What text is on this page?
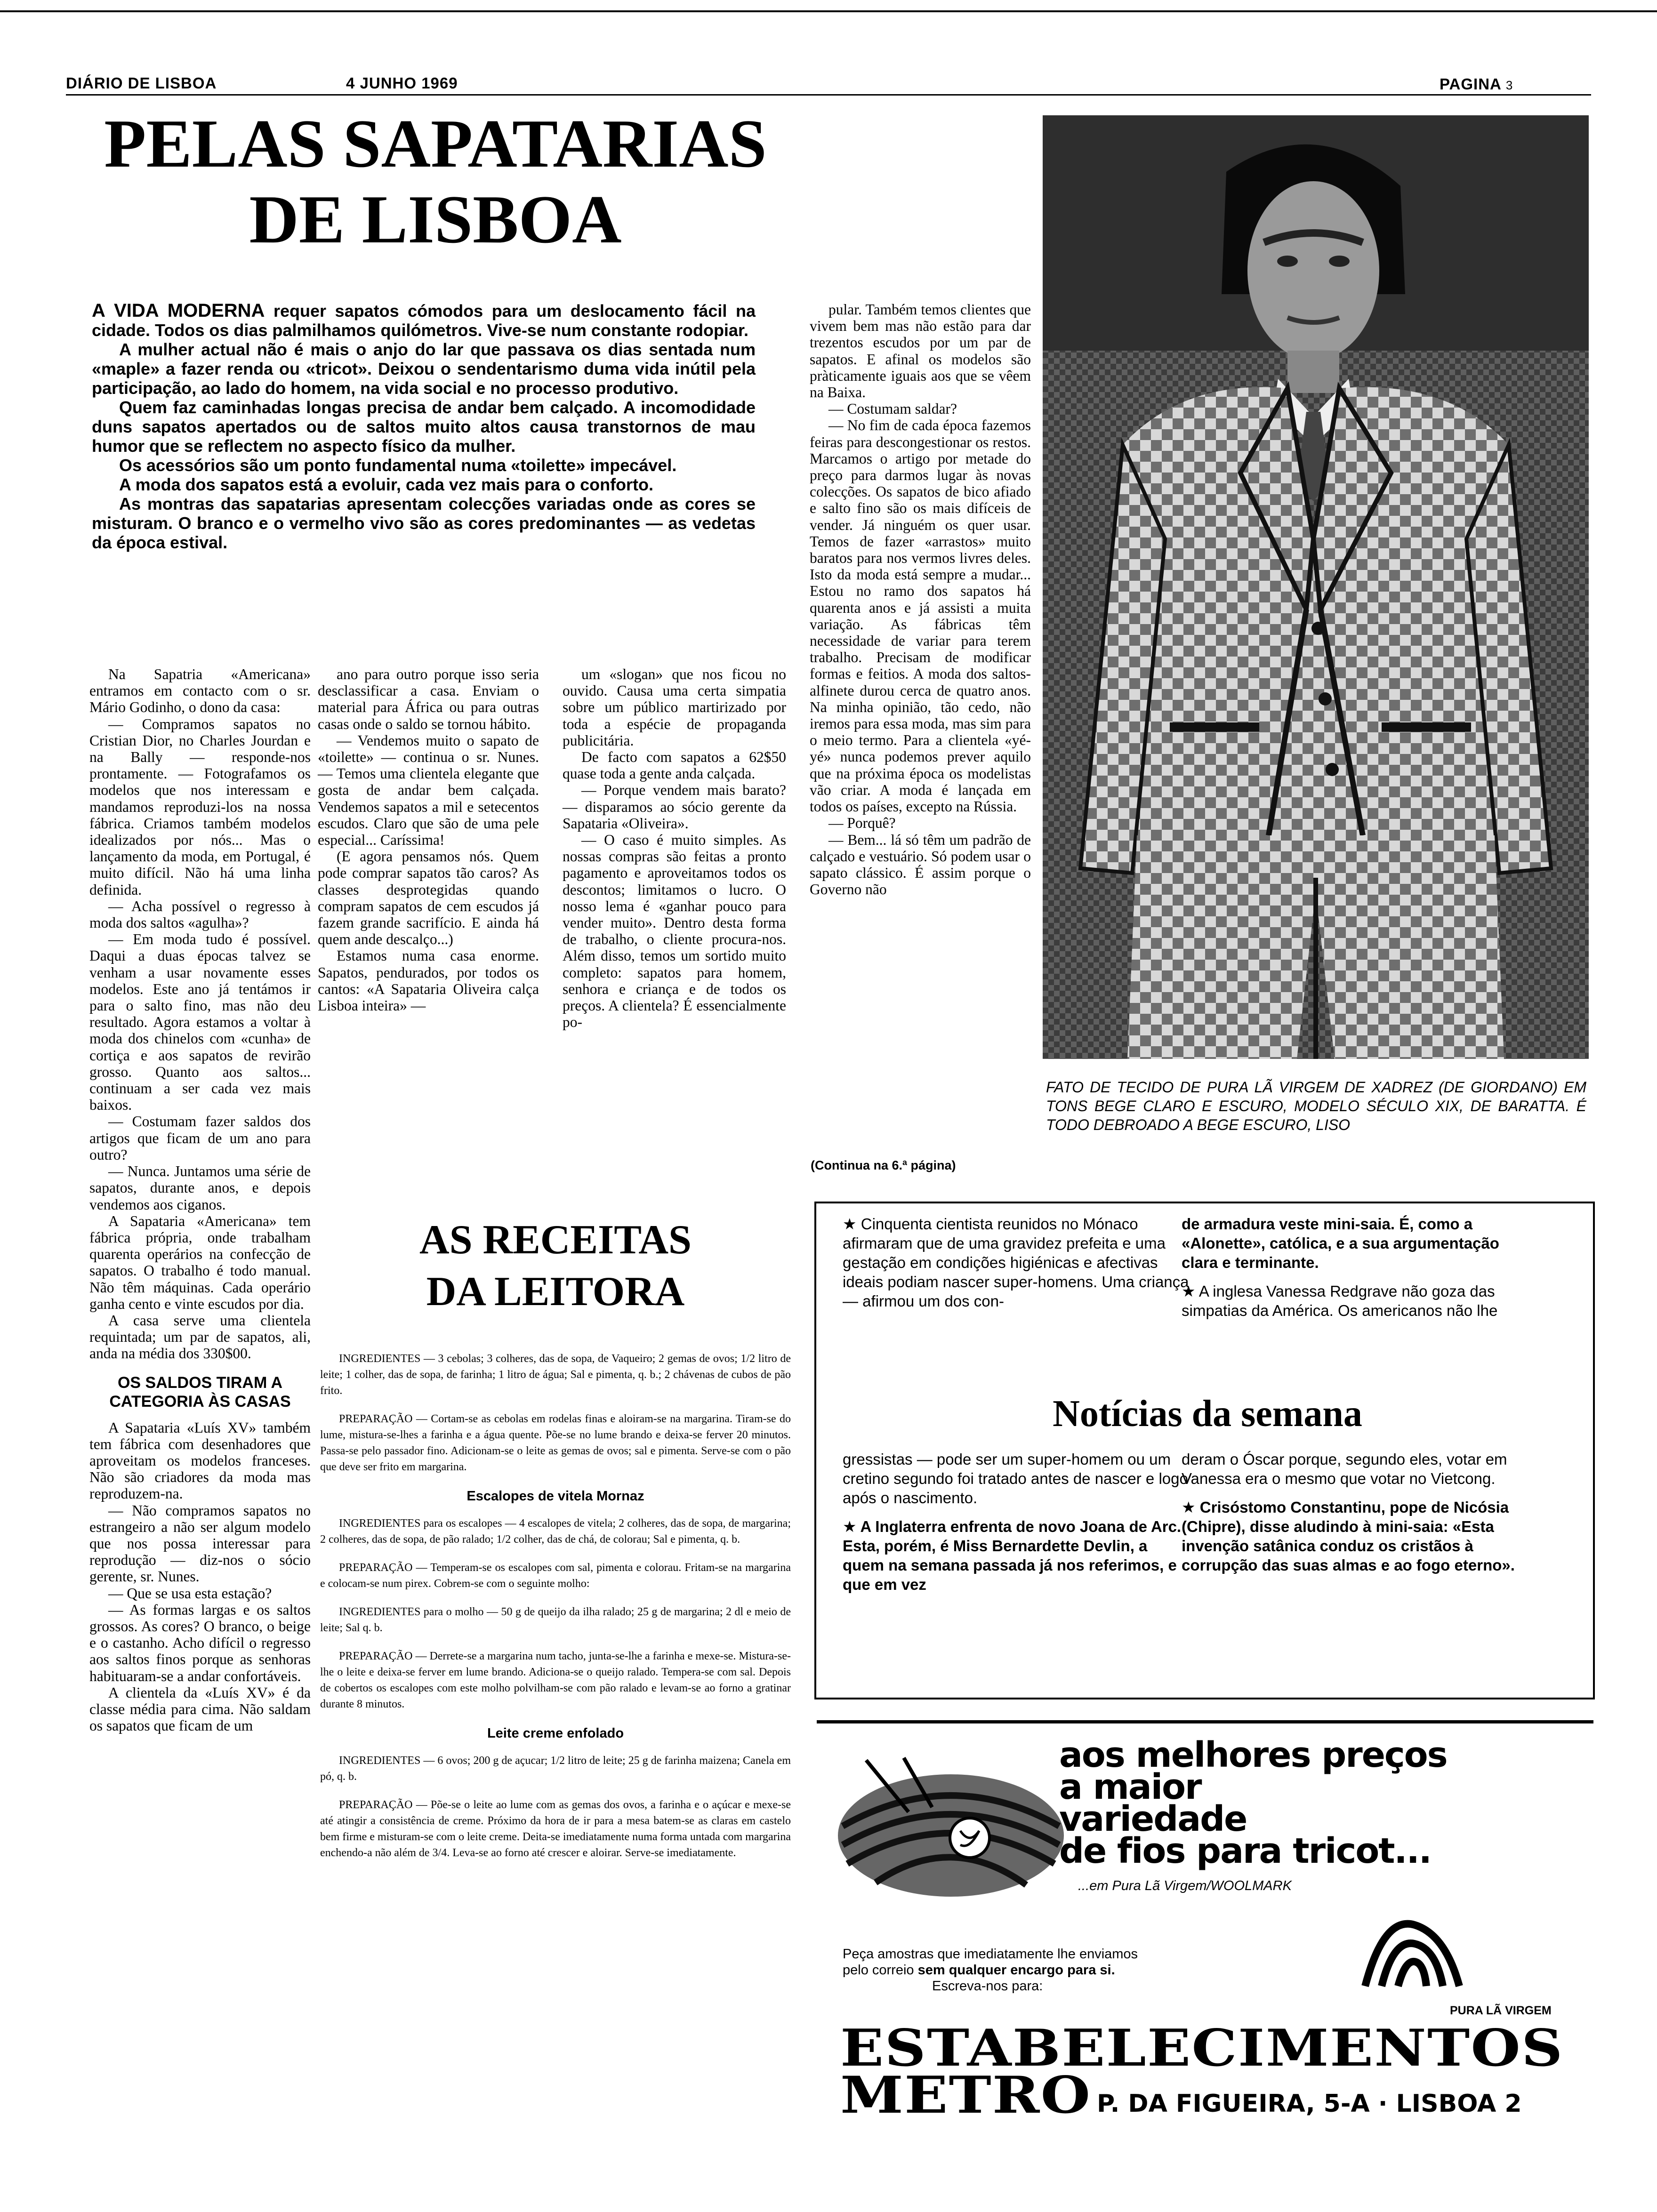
DIÁRIO DE LISBOA	4 JUNHO 1969	PAGINA 3
PELAS SAPATARIAS
DE LISBOA

A VIDA MODERNA requer sapatos cómodos para um deslocamento fácil na cidade. Todos os dias palmilhamos quilómetros. Vive-se num constante rodopiar.

A mulher actual não é mais o anjo do lar que passava os dias sentada num «maple» a fazer renda ou «tricot». Deixou o sendentarismo duma vida inútil pela participação, ao lado do homem, na vida social e no processo produtivo.

Quem faz caminhadas longas precisa de andar bem calçado. A incomodidade duns sapatos apertados ou de saltos muito altos causa transtornos de mau humor que se reflectem no aspecto físico da mulher.

Os acessórios são um ponto fundamental numa «toilette» impecável.

A moda dos sapatos está a evoluir, cada vez mais para o conforto.

As montras das sapatarias apresentam colecções variadas onde as cores se misturam. O branco e o vermelho vivo são as cores predominantes — as vedetas da época estival.

pular. Também temos clientes que vivem bem mas não estão para dar trezentos escudos por um par de sapatos. E afinal os modelos são pràticamente iguais aos que se vêem na Baixa.

— Costumam saldar?

— No fim de cada época fazemos feiras para descongestionar os restos. Marcamos o artigo por metade do preço para darmos lugar às novas colecções. Os sapatos de bico afiado e salto fino são os mais difíceis de vender. Já ninguém os quer usar. Temos de fazer «arrastos» muito baratos para nos vermos livres deles. Isto da moda está sempre a mudar... Estou no ramo dos sapatos há quarenta anos e já assisti a muita variação. As fábricas têm necessidade de variar para terem trabalho. Precisam de modificar formas e feitios. A moda dos saltos-alfinete durou cerca de quatro anos. Na minha opinião, tão cedo, não iremos para essa moda, mas sim para o meio termo. Para a clientela «yé-yé» nunca podemos prever aquilo que na próxima época os modelistas vão criar. A moda é lançada em todos os países, excepto na Rússia.

— Porquê?

— Bem... lá só têm um padrão de calçado e vestuário. Só podem usar o sapato clássico. É assim porque o Governo não

(Continua na 6.ª página)
FATO DE TECIDO DE PURA LÃ VIRGEM DE XADREZ (DE GIORDANO) EM TONS BEGE CLARO E ESCURO, MODELO SÉCULO XIX, DE BARATTA. É TODO DEBROADO A BEGE ESCURO, LISO

Na Sapatria «Americana» entramos em contacto com o sr. Mário Godinho, o dono da casa:

— Compramos sapatos no Cristian Dior, no Charles Jourdan e na Bally — responde-nos prontamente. — Fotografamos os modelos que nos interessam e mandamos reproduzi-los na nossa fábrica. Criamos também modelos idealizados por nós... Mas o lançamento da moda, em Portugal, é muito difícil. Não há uma linha definida.

— Acha possível o regresso à moda dos saltos «agulha»?

— Em moda tudo é possível. Daqui a duas épocas talvez se venham a usar novamente esses modelos. Este ano já tentámos ir para o salto fino, mas não deu resultado. Agora estamos a voltar à moda dos chinelos com «cunha» de cortiça e aos sapatos de revirão grosso. Quanto aos saltos... continuam a ser cada vez mais baixos.

— Costumam fazer saldos dos artigos que ficam de um ano para outro?

— Nunca. Juntamos uma série de sapatos, durante anos, e depois vendemos aos ciganos.

A Sapataria «Americana» tem fábrica própria, onde trabalham quarenta operários na confecção de sapatos. O trabalho é todo manual. Não têm máquinas. Cada operário ganha cento e vinte escudos por dia.

A casa serve uma clientela requintada; um par de sapatos, ali, anda na média dos 330$00.

OS SALDOS TIRAM A CATEGORIA ÀS CASAS

A Sapataria «Luís XV» também tem fábrica com desenhadores que aproveitam os modelos franceses. Não são criadores da moda mas reproduzem-na.

— Não compramos sapatos no estrangeiro a não ser algum modelo que nos possa interessar para reprodução — diz-nos o sócio gerente, sr. Nunes.

— Que se usa esta estação?

— As formas largas e os saltos grossos. As cores? O branco, o beige e o castanho. Acho difícil o regresso aos saltos finos porque as senhoras habituaram-se a andar confortáveis.

A clientela da «Luís XV» é da classe média para cima. Não saldam os sapatos que ficam de um

ano para outro porque isso seria desclassificar a casa. Enviam o material para África ou para outras casas onde o saldo se tornou hábito.

— Vendemos muito o sapato de «toilette» — continua o sr. Nunes. — Temos uma clientela elegante que gosta de andar bem calçada. Vendemos sapatos a mil e setecentos escudos. Claro que são de uma pele especial... Caríssima!

(E agora pensamos nós. Quem pode comprar sapatos tão caros? As classes desprotegidas quando compram sapatos de cem escudos já fazem grande sacrifício. E ainda há quem ande descalço...)

Estamos numa casa enorme. Sapatos, pendurados, por todos os cantos: «A Sapataria Oliveira calça Lisboa inteira» —

um «slogan» que nos ficou no ouvido. Causa uma certa simpatia sobre um público martirizado por toda a espécie de propaganda publicitária.

De facto com sapatos a 62$50 quase toda a gente anda calçada.

— Porque vendem mais barato? — disparamos ao sócio gerente da Sapataria «Oliveira».

— O caso é muito simples. As nossas compras são feitas a pronto pagamento e aproveitamos todos os descontos; limitamos o lucro. O nosso lema é «ganhar pouco para vender muito». Dentro desta forma de trabalho, o cliente procura-nos. Além disso, temos um sortido muito completo: sapatos para homem, senhora e criança e de todos os preços. A clientela? É essencialmente po-

AS RECEITAS
DA LEITORA

INGREDIENTES — 3 cebolas; 3 colheres, das de sopa, de Vaqueiro; 2 gemas de ovos; 1/2 litro de leite; 1 colher, das de sopa, de farinha; 1 litro de água; Sal e pimenta, q. b.; 2 chávenas de cubos de pão frito.

PREPARAÇÃO — Cortam-se as cebolas em rodelas finas e aloiram-se na margarina. Tiram-se do lume, mistura-se-lhes a farinha e a água quente. Põe-se no lume brando e deixa-se ferver 20 minutos. Passa-se pelo passador fino. Adicionam-se o leite as gemas de ovos; sal e pimenta. Serve-se com o pão que deve ser frito em margarina.

Escalopes de vitela Mornaz

INGREDIENTES para os escalopes — 4 escalopes de vitela; 2 colheres, das de sopa, de margarina; 2 colheres, das de sopa, de pão ralado; 1/2 colher, das de chá, de colorau; Sal e pimenta, q. b.

PREPARAÇÃO — Temperam-se os escalopes com sal, pimenta e colorau. Fritam-se na margarina e colocam-se num pirex. Cobrem-se com o seguinte molho:

INGREDIENTES para o molho — 50 g de queijo da ilha ralado; 25 g de margarina; 2 dl e meio de leite; Sal q. b.

PREPARAÇÃO — Derrete-se a margarina num tacho, junta-se-lhe a farinha e mexe-se. Mistura-se-lhe o leite e deixa-se ferver em lume brando. Adiciona-se o queijo ralado. Tempera-se com sal. Depois de cobertos os escalopes com este molho polvilham-se com pão ralado e levam-se ao forno a gratinar durante 8 minutos.

Leite creme enfolado

INGREDIENTES — 6 ovos; 200 g de açucar; 1/2 litro de leite; 25 g de farinha maizena; Canela em pó, q. b.

PREPARAÇÃO — Põe-se o leite ao lume com as gemas dos ovos, a farinha e o açúcar e mexe-se até atingir a consistência de creme. Próximo da hora de ir para a mesa batem-se as claras em castelo bem firme e misturam-se com o leite creme. Deita-se imediatamente numa forma untada com margarina enchendo-a não além de 3/4. Leva-se ao forno até crescer e aloirar. Serve-se imediatamente.

★ Cinquenta cientista reunidos no Mónaco afirmaram que de uma gravidez prefeita e uma gestação em condições higiénicas e afectivas ideais podiam nascer super-homens. Uma criança — afirmou um dos con-

de armadura veste mini-saia. É, como a «Alonette», católica, e a sua argumentação clara e terminante.

★ A inglesa Vanessa Redgrave não goza das simpatias da América. Os americanos não lhe

Notícias da semana

gressistas — pode ser um super-homem ou um cretino segundo foi tratado antes de nascer e logo após o nascimento.

★ A Inglaterra enfrenta de novo Joana de Arc. Esta, porém, é Miss Bernardette Devlin, a quem na semana passada já nos referimos, e que em vez

deram o Óscar porque, segundo eles, votar em Vanessa era o mesmo que votar no Vietcong.

★ Crisóstomo Constantinu, pope de Nicósia (Chipre), disse aludindo à mini-saia: «Esta invenção satânica conduz os cristãos à corrupção das suas almas e ao fogo eterno».

aos melhores preços
a maior
variedade
de fios para tricot...
...em Pura Lã Virgem/WOOLMARK
Peça amostras que imediatamente lhe enviamos
pelo correio sem qualquer encargo para si.
Escreva-nos para:
PURA LÃ VIRGEM
ESTABELECIMENTOS
METRO P. DA FIGUEIRA, 5-A · LISBOA 2
